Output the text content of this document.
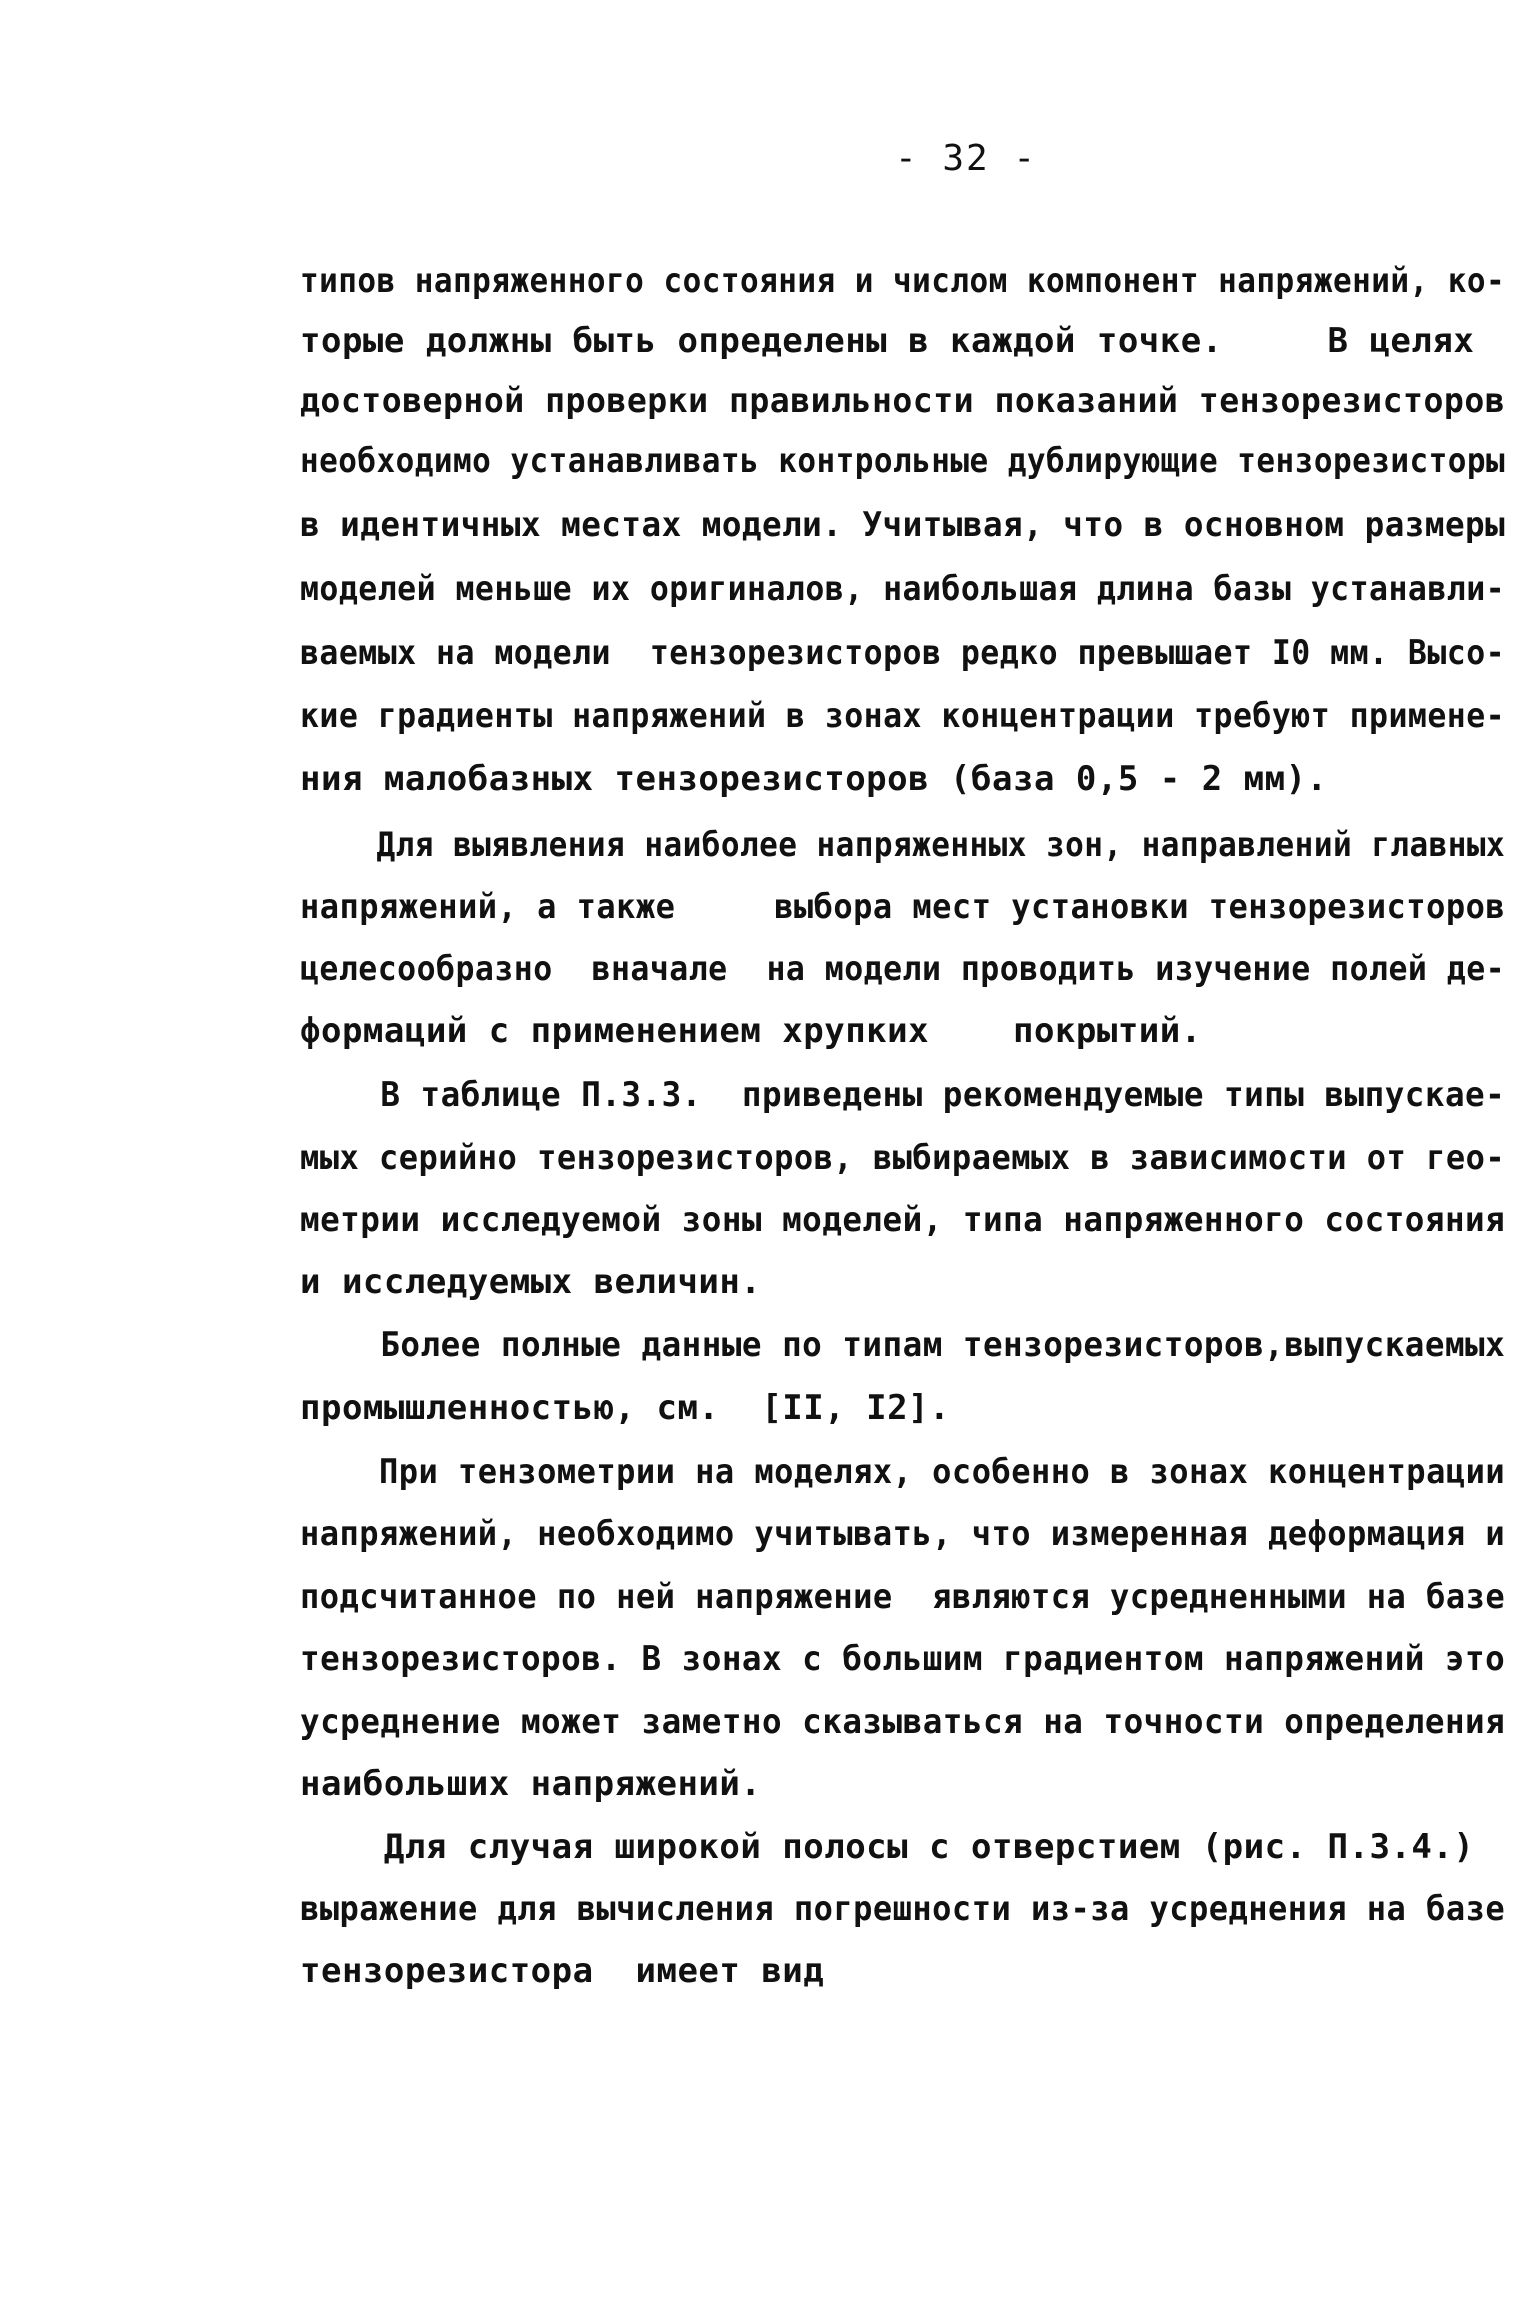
- 32 -
типов напряженного состояния и числом компонент напряжений, ко-
торые должны быть определены в каждой точке.     В целях
достоверной проверки правильности показаний тензорезисторов
необходимо устанавливать контрольные дублирующие тензорезисторы
в идентичных местах модели. Учитывая, что в основном размеры
моделей меньше их оригиналов, наибольшая длина базы устанавли-
ваемых на модели  тензорезисторов редко превышает I0 мм. Высо-
кие градиенты напряжений в зонах концентрации требуют примене-
ния малобазных тензорезисторов (база 0,5 - 2 мм).
Для выявления наиболее напряженных зон, направлений главных
напряжений, а также     выбора мест установки тензорезисторов
целесообразно  вначале  на модели проводить изучение полей де-
формаций с применением хрупких    покрытий.
В таблице П.3.3.  приведены рекомендуемые типы выпускае-
мых серийно тензорезисторов, выбираемых в зависимости от гео-
метрии исследуемой зоны моделей, типа напряженного состояния
и исследуемых величин.
Более полные данные по типам тензорезисторов,выпускаемых
промышленностью, см.  [II, I2].
При тензометрии на моделях, особенно в зонах концентрации
напряжений, необходимо учитывать, что измеренная деформация и
подсчитанное по ней напряжение  являются усредненными на базе
тензорезисторов. В зонах с большим градиентом напряжений это
усреднение может заметно сказываться на точности определения
наибольших напряжений.
Для случая широкой полосы с отверстием (рис. П.3.4.)
выражение для вычисления погрешности из-за усреднения на базе
тензорезистора  имеет вид
